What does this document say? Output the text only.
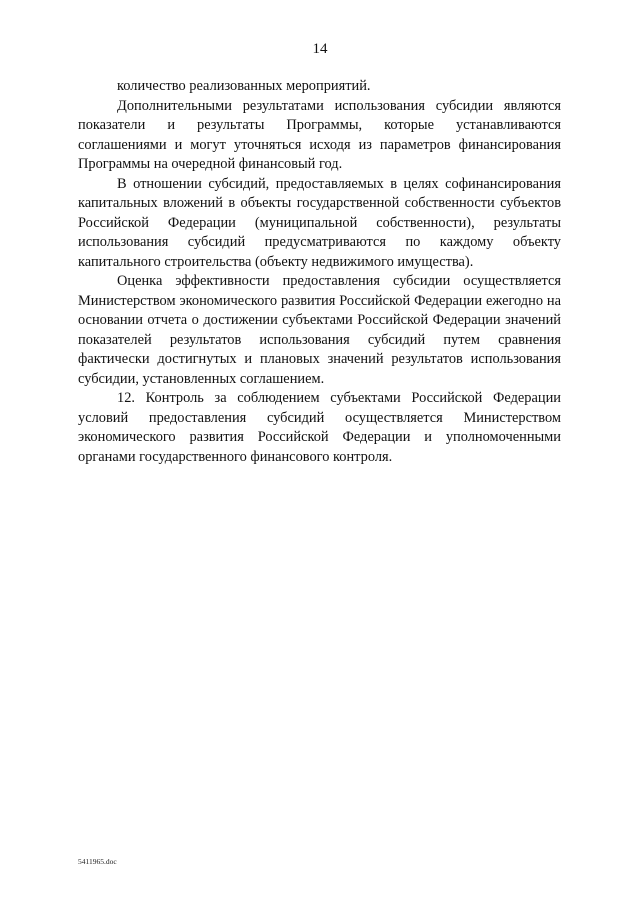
14

количество реализованных мероприятий.

Дополнительными результатами использования субсидии являются показатели и результаты Программы, которые устанавливаются соглашениями и могут уточняться исходя из параметров финансирования Программы на очередной финансовый год.

В отношении субсидий, предоставляемых в целях софинансирования капитальных вложений в объекты государственной собственности субъектов Российской Федерации (муниципальной собственности), результаты использования субсидий предусматриваются по каждому объекту капитального строительства (объекту недвижимого имущества).

Оценка эффективности предоставления субсидии осуществляется Министерством экономического развития Российской Федерации ежегодно на основании отчета о достижении субъектами Российской Федерации значений показателей результатов использования субсидий путем сравнения фактически достигнутых и плановых значений результатов использования субсидии, установленных соглашением.

12. Контроль за соблюдением субъектами Российской Федерации условий предоставления субсидий осуществляется Министерством экономического развития Российской Федерации и уполномоченными органами государственного финансового контроля.

5411965.doc
